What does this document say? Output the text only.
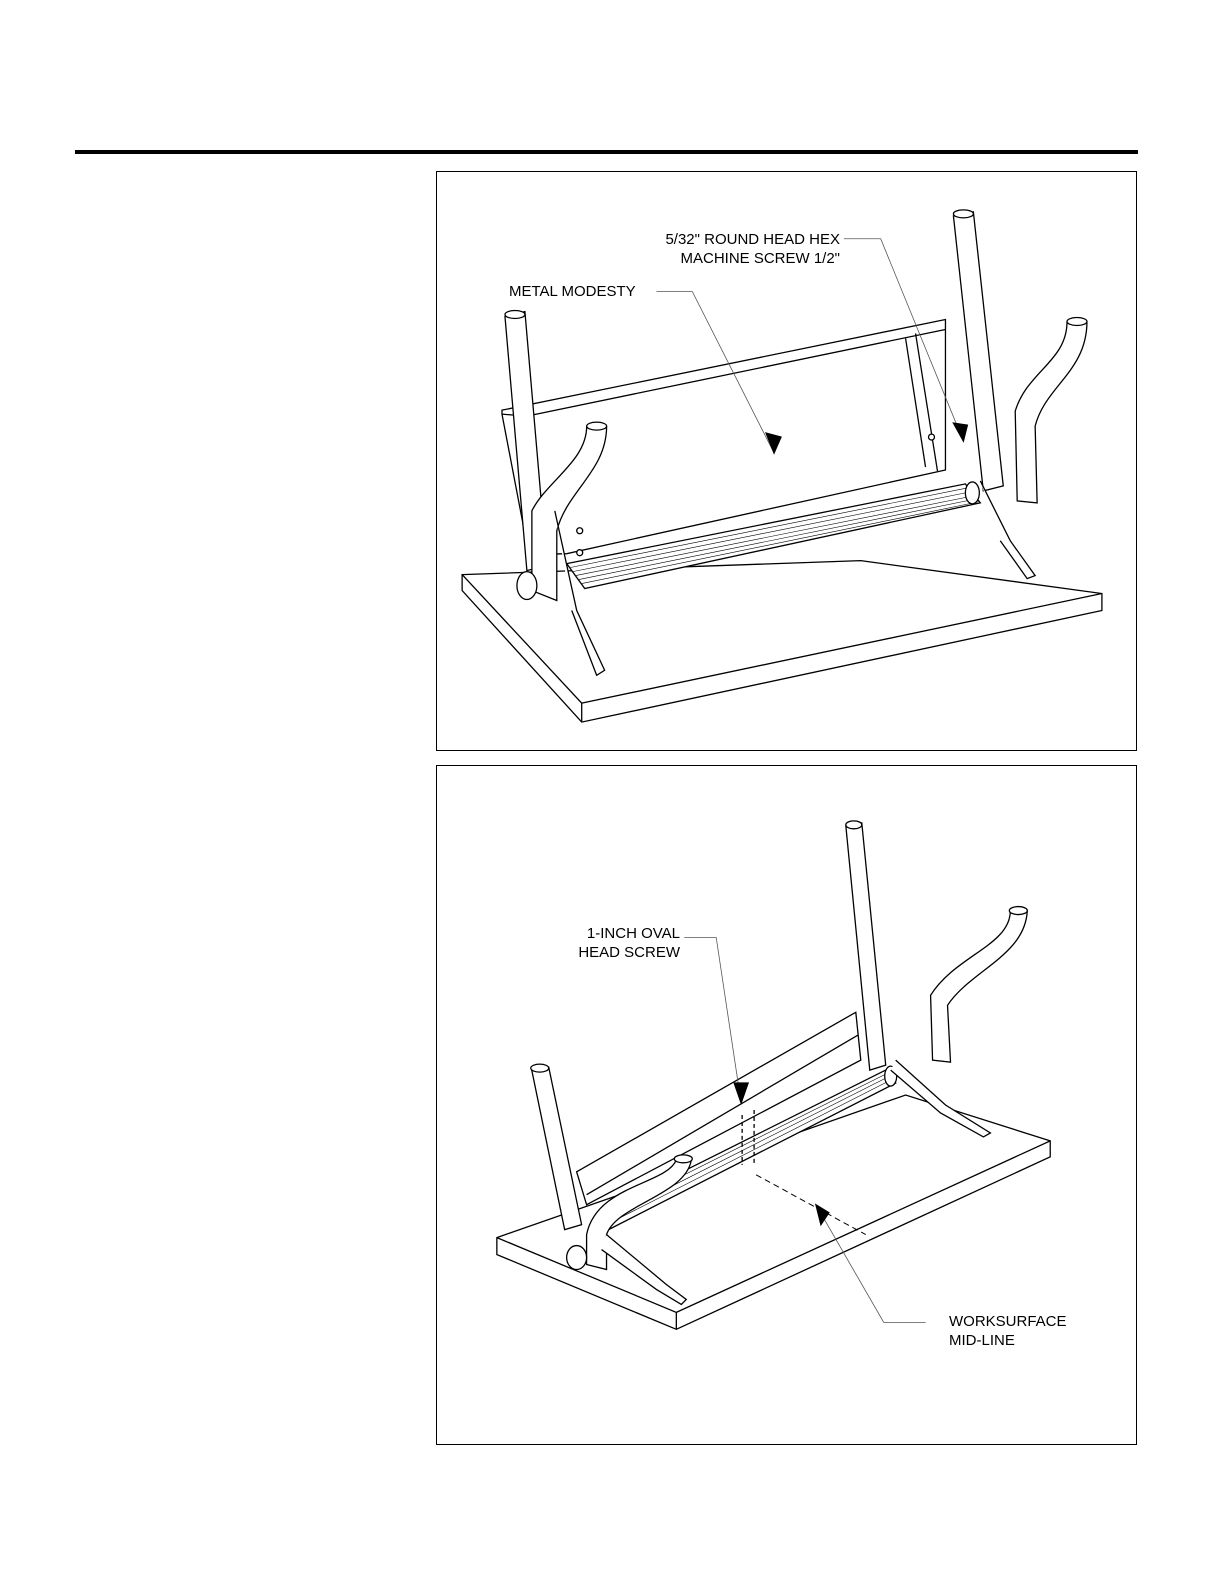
5/32" ROUND HEAD HEX
MACHINE SCREW 1/2"
METAL MODESTY
1-INCH OVAL
HEAD SCREW
WORKSURFACE
MID-LINE
